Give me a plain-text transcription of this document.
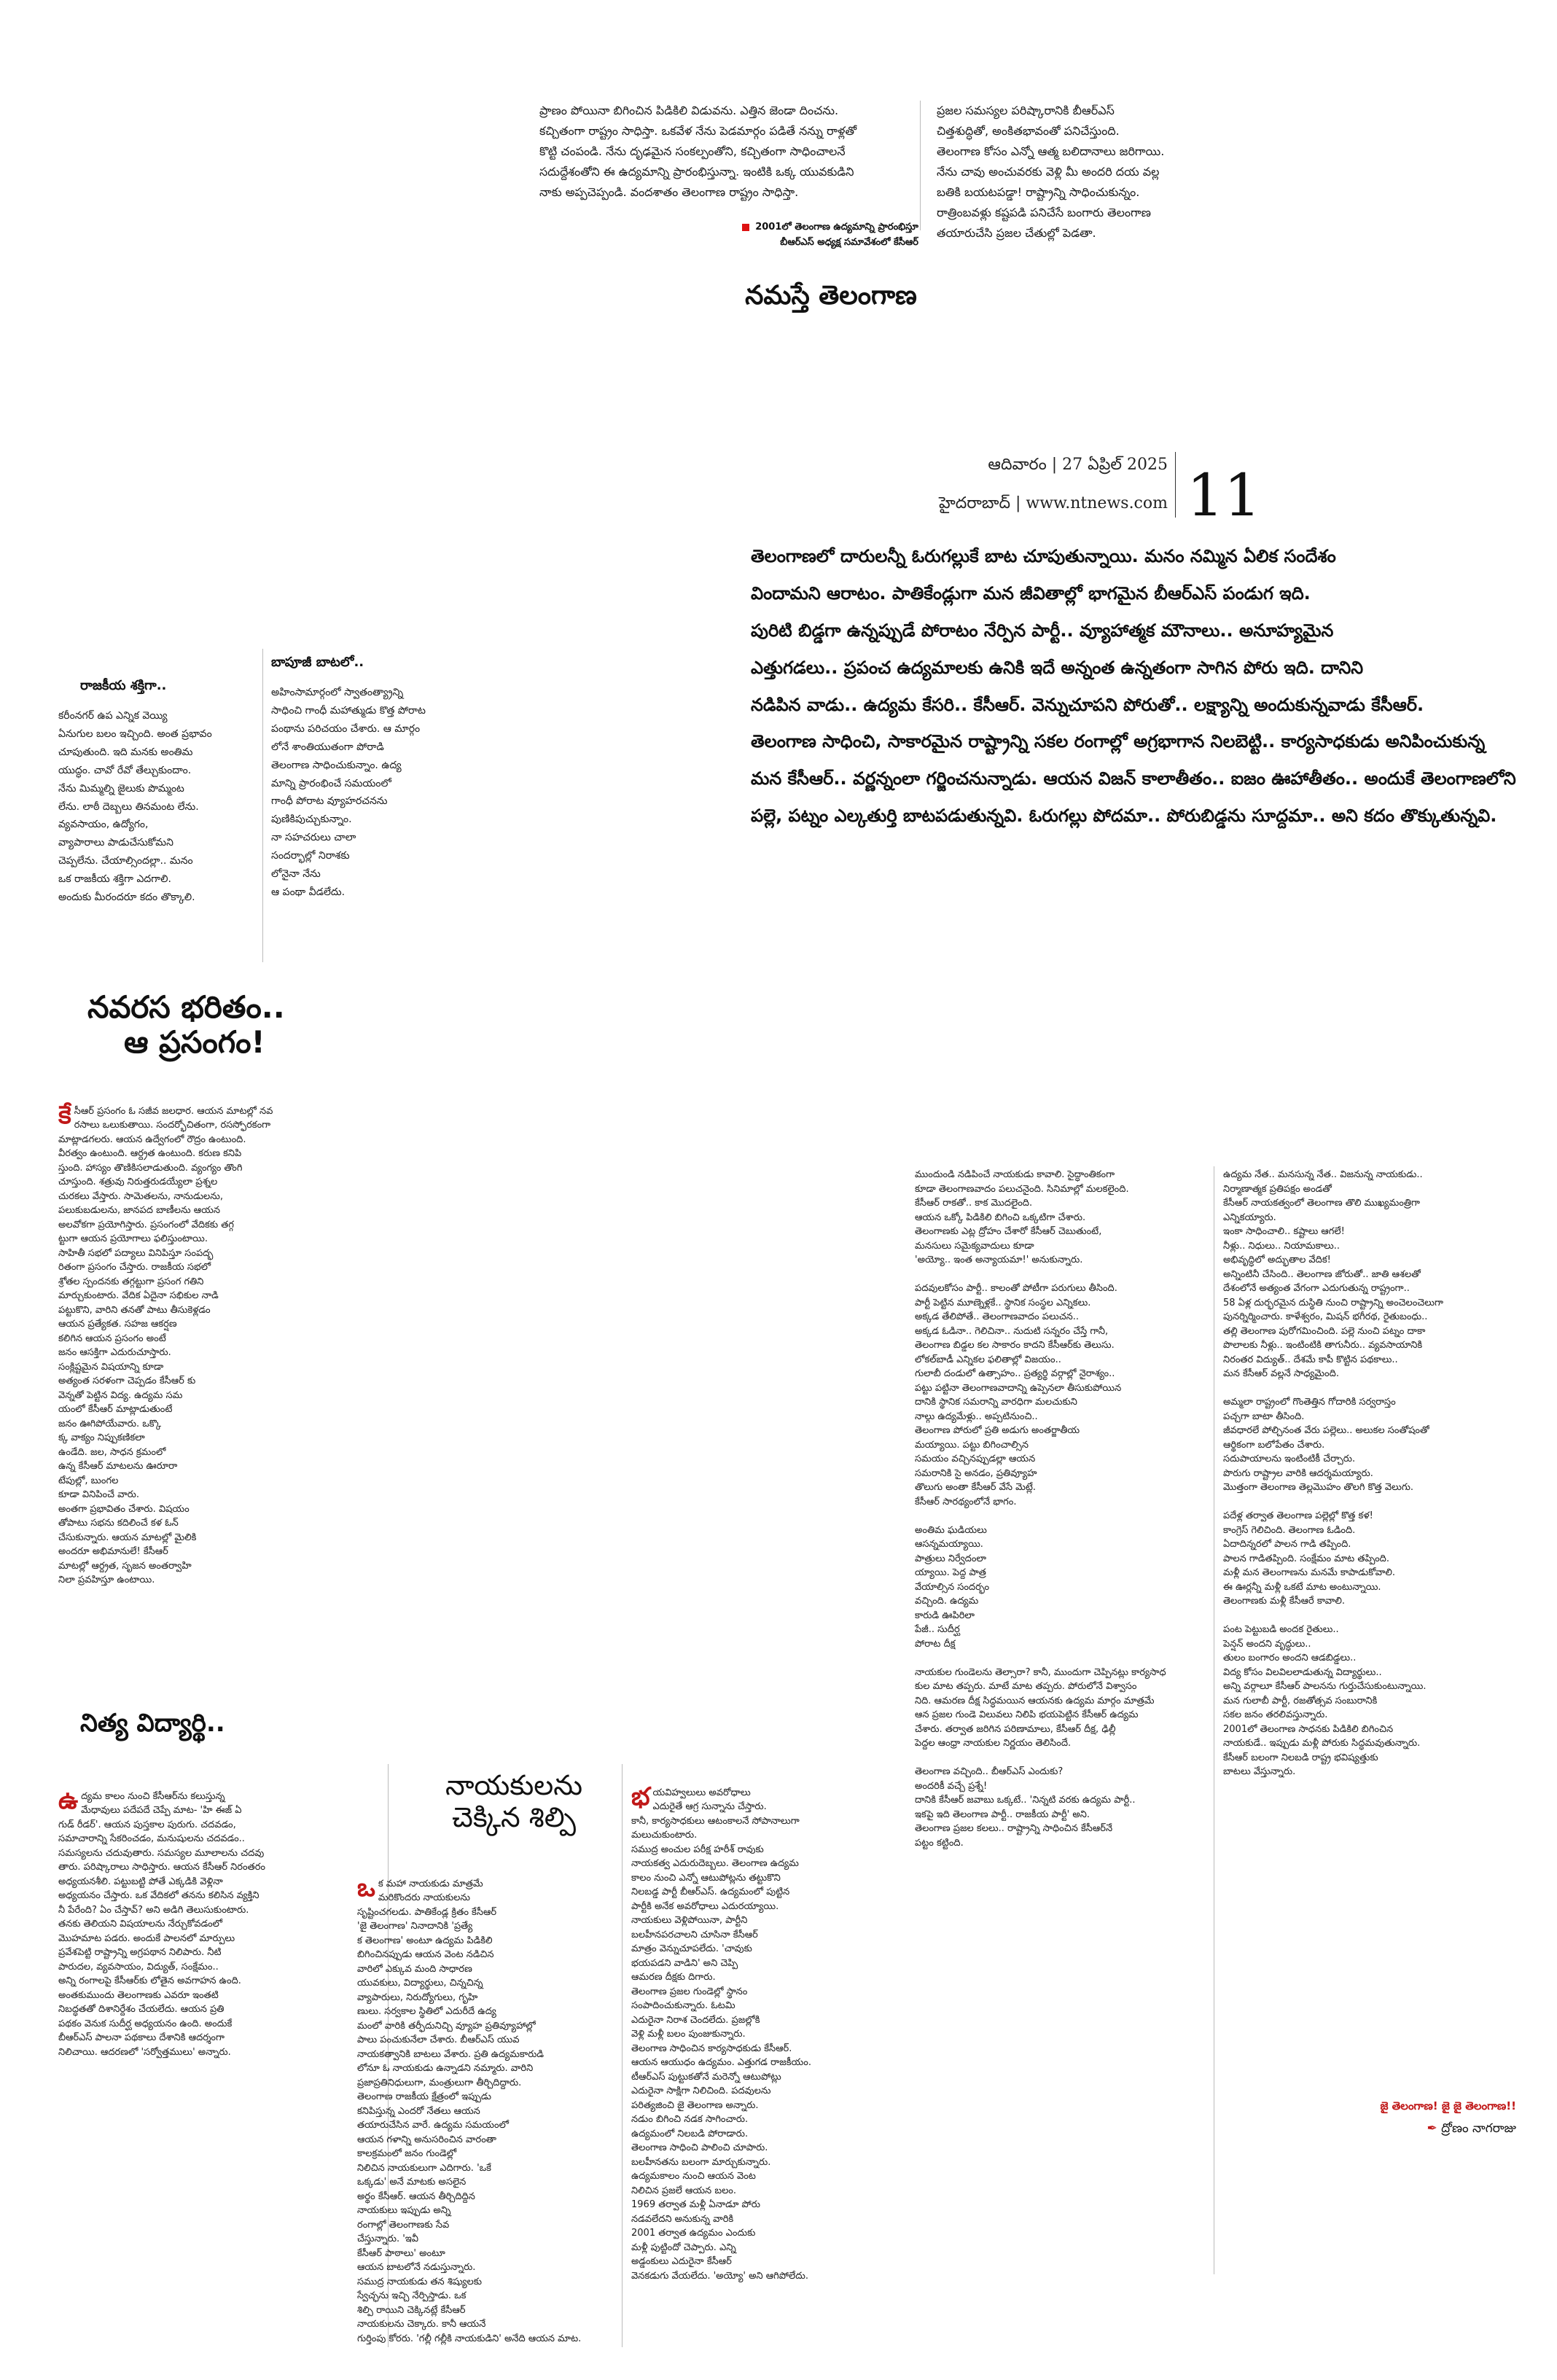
ప్రాణం పోయినా బిగించిన పిడికిలి విడువను. ఎత్తిన జెండా దించను.
కచ్చితంగా రాష్ట్రం సాధిస్తా. ఒకవేళ నేను పెడమార్గం పడితే నన్ను రాళ్లతో
కొట్టి చంపండి. నేను దృఢమైన సంకల్పంతోని, కచ్చితంగా సాధించాలనే
సదుద్దేశంతోని ఈ ఉద్యమాన్ని ప్రారంభిస్తున్నా. ఇంటికి ఒక్క యువకుడిని
నాకు అప్పచెప్పండి. వందశాతం తెలంగాణ రాష్ట్రం సాధిస్తా.
ప్రజల సమస్యల పరిష్కారానికి బీఆర్‌ఎస్
చిత్తశుద్ధితో, అంకితభావంతో పనిచేస్తుంది.
తెలంగాణ కోసం ఎన్నో ఆత్మ బలిదానాలు జరిగాయి.
నేను చావు అంచువరకు వెళ్లి మీ అందరి దయ వల్ల
బతికి బయటపడ్డా! రాష్ట్రాన్ని సాధించుకున్నం.
రాత్రింబవళ్లు కష్టపడి పనిచేసే బంగారు తెలంగాణ
తయారుచేసి ప్రజల చేతుల్లో పెడతా.
2001లో తెలంగాణ ఉద్యమాన్ని ప్రారంభిస్తూ
బీఆర్‌ఎస్ అధ్యక్ష సమావేశంలో కేసీఆర్
నమస్తే తెలంగాణ
ఆదివారం | 27 ఏప్రిల్ 2025
హైదరాబాద్ | www.ntnews.com 11
తెలంగాణలో దారులన్నీ ఓరుగల్లుకే బాట చూపుతున్నాయి. మనం నమ్మిన ఏలిక సందేశం
విందామని ఆరాటం. పాతికేండ్లుగా మన జీవితాల్లో భాగమైన బీఆర్‌ఎస్ పండుగ ఇది.
పురిటి బిడ్డగా ఉన్నప్పుడే పోరాటం నేర్పిన పార్టీ.. వ్యూహాత్మక మౌనాలు.. అనూహ్యమైన
ఎత్తుగడలు.. ప్రపంచ ఉద్యమాలకు ఉనికి ఇదే అన్నంత ఉన్నతంగా సాగిన పోరు ఇది. దానిని
నడిపిన వాడు.. ఉద్యమ కేసరి.. కేసీఆర్. వెన్నుచూపని పోరుతో.. లక్ష్యాన్ని అందుకున్నవాడు కేసీఆర్.
తెలంగాణ సాధించి, సాకారమైన రాష్ట్రాన్ని సకల రంగాల్లో అగ్రభాగాన నిలబెట్టి.. కార్యసాధకుడు అనిపించుకున్న
మన కేసీఆర్.. వర్ణన్నంలా గర్జించనున్నాడు. ఆయన విజన్ కాలాతీతం.. ఐజం ఊహాతీతం.. అందుకే తెలంగాణలోని
పల్లె, పట్నం ఎల్కతుర్తి బాటపడుతున్నవి. ఓరుగల్లు పోదమా.. పోరుబిడ్డను సూద్దమా.. అని కదం తొక్కుతున్నవి.
రాజకీయ శక్తిగా..
కరీంనగర్ ఉప ఎన్నిక వెయ్యి
ఏనుగుల బలం ఇచ్చింది. అంత ప్రభావం
చూపుతుంది. ఇది మనకు అంతిమ
యుద్ధం. చావో రేవో తేల్చుకుందాం.
నేను మిమ్మల్ని జైలుకు పొమ్మంట
లేను. లాఠీ దెబ్బలు తినమంట లేను.
వ్యవసాయం, ఉద్యోగం,
వ్యాపారాలు పాడుచేసుకోమని
చెప్పలేను. చేయాల్సిందల్లా.. మనం
ఒక రాజకీయ శక్తిగా ఎదగాలి.
అందుకు మీరందరూ కదం తొక్కాలి.
బాపూజీ బాటలో..
అహింసామార్గంలో స్వాతంత్య్రాన్ని
సాధించి గాంధీ మహాత్ముడు కొత్త పోరాట
పంథాను పరిచయం చేశారు. ఆ మార్గం
లోనే శాంతియుతంగా పోరాడి
తెలంగాణ సాధించుకున్నాం. ఉద్య
మాన్ని ప్రారంభించే సమయంలో
గాంధీ పోరాట వ్యూహరచనను
పుణికిపుచ్చుకున్నాం.
నా సహచరులు చాలా
సందర్భాల్లో నిరాశకు
లోనైనా నేను
ఆ పంథా వీడలేదు.
నవరస భరితం..
ఆ ప్రసంగం!

కేసీఆర్ ప్రసంగం ఓ సజీవ జలధార. ఆయన మాటల్లో నవ
రసాలు ఒలుకుతాయి. సందర్భోచితంగా, రసస్ఫోరకంగా
మాట్లాడగలరు. ఆయన ఉద్వేగంలో రౌద్రం ఉంటుంది.
వీరత్వం ఉంటుంది. ఆర్ద్రత ఉంటుంది. కరుణ కనిపి
స్తుంది. హాస్యం తొణికిసలాడుతుంది. వ్యంగ్యం తొంగి
చూస్తుంది. శత్రువు నిరుత్తరుడయ్యేలా ప్రశ్నల
చురకలు వేస్తారు. సామెతలను, నానుడులను,
పలుకుబడులను, జానపద బాణీలను ఆయన
అలవోకగా ప్రయోగిస్తారు. ప్రసంగంలో వేదికకు తగ్గ
ట్టుగా ఆయన ప్రయోగాలు ఫలిస్తుంటాయి.
సాహితీ సభలో పద్యాలు వినిపిస్తూ సంపద్భ
రితంగా ప్రసంగం చేస్తారు. రాజకీయ సభలో
శ్రోతల స్పందనకు తగ్గట్టుగా ప్రసంగ గతిని
మార్చుకుంటారు. వేదిక ఏదైనా సభికుల నాడి
పట్టుకొని, వారిని తనతో పాటు తీసుకెళ్లడం
ఆయన ప్రత్యేకత. సహజ ఆకర్షణ
కలిగిన ఆయన ప్రసంగం అంటే
జనం ఆసక్తిగా ఎదురుచూస్తారు.
సంక్లిష్టమైన విషయాన్ని కూడా
అత్యంత సరళంగా చెప్పడం కేసీఆర్ కు
వెన్నతో పెట్టిన విద్య. ఉద్యమ సమ
యంలో కేసీఆర్ మాట్లాడుతుంటే
జనం ఊగిపోయేవారు. ఒక్కొ
క్క వాక్యం నిప్పుకణికలా
ఉండేది. జల, సాధన క్రమంలో
ఉన్న కేసీఆర్ మాటలను ఊరూరా
టేపుల్లో, బుంగల
కూడా వినిపించే వారు.
అంతగా ప్రభావితం చేశారు. విషయం
తోపాటు సభను కదిలించే కళ ఓన్
చేసుకున్నారు. ఆయన మాటల్లో మైలికి
అందరూ అభిమానులే! కేసీఆర్
మాటల్లో ఆర్ద్రత, సృజన అంతర్వాహి
నిలా ప్రవహిస్తూ ఉంటాయి.

నిత్య విద్యార్థి..

ఉద్యమ కాలం నుంచి కేసీఆర్‌ను కలుస్తున్న
మేధావులు పదేపదే చెప్పే మాట- 'హి ఈజ్ ఏ
గుడ్ రీడర్'. ఆయన పుస్తకాల పురుగు. చదవడం,
సమాచారాన్ని సేకరించడం, మనుషులను చదవడం..
సమస్యలను చదువుతారు. సమస్యల మూలాలను చదవు
తారు. పరిష్కారాలు సాధిస్తారు. ఆయన కేసీఆర్ నిరంతరం
అధ్యయనశీలి. పట్టుబట్టి పోతే ఎక్కడికి వెళ్లినా
అధ్యయనం చేస్తారు. ఒక వేదికలో తనను కలిసిన వ్యక్తిని
నీ పేరేంది? ఏం చేస్తావ్? అని అడిగి తెలుసుకుంటారు.
తనకు తెలియని విషయాలను నేర్చుకోవడంలో
మొహమాట పడరు. అందుకే పాలనలో మార్పులు
ప్రవేశపెట్టి రాష్ట్రాన్ని అగ్రపథాన నిలిపారు. నీటి
పారుదల, వ్యవసాయం, విద్యుత్, సంక్షేమం..
అన్ని రంగాలపై కేసీఆర్‌కు లోతైన అవగాహన ఉంది.
అంతకుముందు తెలంగాణకు ఎవరూ ఇంతటి
నిబద్ధతతో దిశానిర్దేశం చేయలేదు. ఆయన ప్రతి
పథకం వెనుక సుదీర్ఘ అధ్యయనం ఉంది. అందుకే
బీఆర్‌ఎస్ పాలనా పథకాలు దేశానికి ఆదర్శంగా
నిలిచాయి. ఆదరణలో 'సర్వోత్తములు' అన్నారు.

నాయకులను
చెక్కిన శిల్పి

ఒక మహా నాయకుడు మాత్రమే
మరికొందరు నాయకులను
సృష్టించగలడు. పాతికేండ్ల క్రితం కేసీఆర్
'జై తెలంగాణ' నినాదానికి 'ప్రత్యే
క తెలంగాణ' అంటూ ఉద్యమ పిడికిలి
బిగించినప్పుడు ఆయన వెంట నడిచిన
వారిలో ఎక్కువ మంది సాధారణ
యువకులు, విద్యార్థులు, చిన్నచిన్న
వ్యాపారులు, నిరుద్యోగులు, గృహి
ణులు. సర్వకాల స్థితిలో ఎదురీదే ఉద్య
మంలో వారికి తర్ఫీదునిచ్చి వ్యూహ ప్రతివ్యూహాల్లో
పాలు పంచుకునేలా చేశారు. బీఆర్‌ఎస్ యువ
నాయకత్వానికి బాటలు వేశారు. ప్రతి ఉద్యమకారుడి
లోనూ ఓ నాయకుడు ఉన్నాడని నమ్మారు. వారిని
ప్రజాప్రతినిధులుగా, మంత్రులుగా తీర్చిదిద్దారు.
తెలంగాణ రాజకీయ క్షేత్రంలో ఇప్పుడు
కనిపిస్తున్న ఎందరో నేతలు ఆయన
తయారుచేసిన వారే. ఉద్యమ సమయంలో
ఆయన గళాన్ని అనుసరించిన వారంతా
కాలక్రమంలో జనం గుండెల్లో
నిలిచిన నాయకులుగా ఎదిగారు. 'ఒకే
ఒక్కడు' అనే మాటకు అసలైన
అర్థం కేసీఆర్. ఆయన తీర్చిదిద్దిన
నాయకులు ఇప్పుడు అన్ని
రంగాల్లో తెలంగాణకు సేవ
చేస్తున్నారు. 'ఇవీ
కేసీఆర్ పాఠాలు' అంటూ
ఆయన బాటలోనే నడుస్తున్నారు.
సముద్ర నాయకుడు తన శిష్యులకు
స్వేచ్ఛను ఇచ్చి నేర్పిస్తాడు. ఒక
శిల్పి రాయిని చెక్కినట్లే కేసీఆర్
నాయకులను చెక్కారు. కానీ ఆయనే
గుర్తింపు కోరరు. 'గల్లీ గల్లీకి నాయకుడిని' అనేది ఆయన మాట.

భయవిహ్వలులు అవరోధాలు
ఎదురైతే ఆగ్ర సున్నాను చేస్తారు.
కానీ, కార్యసాధకులు ఆటంకాలనే సోపానాలుగా
మలుచుకుంటారు.
సముద్ర అంచుల పరీక్ష హరీశ్ రావుకు
నాయకత్వ ఎదురుదెబ్బలు. తెలంగాణ ఉద్యమ
కాలం నుంచి ఎన్నో ఆటుపోట్లను తట్టుకొని
నిలబడ్డ పార్టీ బీఆర్‌ఎస్. ఉద్యమంలో పుట్టిన
పార్టీకి అనేక అవరోధాలు ఎదురయ్యాయి.
నాయకులు వెళ్లిపోయినా, పార్టీని
బలహీనపరచాలని చూసినా కేసీఆర్
మాత్రం వెన్నుచూపలేదు. 'చావుకు
భయపడని వాడిని' అని చెప్పి
ఆమరణ దీక్షకు దిగారు.
తెలంగాణ ప్రజల గుండెల్లో స్థానం
సంపాదించుకున్నారు. ఓటమి
ఎదురైనా నిరాశ చెందలేదు. ప్రజల్లోకి
వెళ్లి మళ్లీ బలం పుంజుకున్నారు.
తెలంగాణ సాధించిన కార్యసాధకుడు కేసీఆర్.
ఆయన ఆయుధం ఉద్యమం. ఎత్తుగడ రాజకీయం.
టీఆర్‌ఎస్ పుట్టుకతోనే మరెన్నో ఆటుపోట్లు
ఎదురైనా సాక్షిగా నిలిచింది. పదవులను
పరిత్యజించి జై తెలంగాణ అన్నారు.
నడుం బిగించి నడక సాగించారు.
ఉద్యమంలో నిలబడి పోరాడారు.
తెలంగాణ సాధించి పాలించి చూపారు.
బలహీనతను బలంగా మార్చుకున్నారు.
ఉద్యమకాలం నుంచి ఆయన వెంట
నిలిచిన ప్రజలే ఆయన బలం.
1969 తర్వాత మళ్లీ ఏనాడూ పోరు
నడవలేదని అనుకున్న వారికి
2001 తర్వాత ఉద్యమం ఎందుకు
మళ్లీ పుట్టిందో చెప్పారు. ఎన్ని
అడ్డంకులు ఎదురైనా కేసీఆర్
వెనకడుగు వేయలేదు. 'అయ్యో' అని ఆగిపోలేదు.

ముందుండి నడిపించే నాయకుడు కావాలి. సైద్ధాంతికంగా
కూడా తెలంగాణవాదం పలుచనైంది. సినిమాల్లో మలకలైంది.
కేసీఆర్ రాకతో.. కాక మొదలైంది.
ఆయన ఒక్కో పిడికిలి బిగించి ఒక్కటిగా చేశారు.
తెలంగాణకు ఎట్ల ద్రోహం చేశారో కేసీఆర్ చెబుతుంటే,
మనసులు సమైక్యవాదులు కూడా
'అయ్యో.. ఇంత అన్యాయమా!' అనుకున్నారు.

పదవులకోసం పార్టీ.. కాలంతో పోటీగా పరుగులు తీసింది.
పార్టీ పెట్టిన మూణ్నెళ్లకే.. స్థానిక సంస్థల ఎన్నికలు.
అక్కడ తేలిపోతే.. తెలంగాణవాదం పలుచన..
అక్కడ ఓడినా.. గెలిచినా.. నుదుటి సన్నరం చేస్తే గానీ,
తెలంగాణ బిడ్డల కల సాకారం కాదని కేసీఆర్‌కు తెలుసు.
లోకల్‌బాడీ ఎన్నికల ఫలితాల్లో విజయం..
గులాబీ దండులో ఉత్సాహం.. ప్రత్యర్థి వర్గాల్లో నైరాశ్యం..
పట్టు పట్టినా తెలంగాణవాదాన్ని ఉప్పెనలా తీసుకుపోయిన
దానికి స్థానిక సమరాన్ని వారధిగా మలచుకుని
నాల్గు ఉద్యమేళ్లు.. అప్పటినుంచి..
తెలంగాణ పోరులో ప్రతి అడుగు అంతర్జాతీయ
మయ్యాయి. పట్టు బిగించాల్సిన
సమయం వచ్చినప్పుడల్లా ఆయన
సమరానికి సై అనడం, ప్రతివ్యూహ
తొలుగు అంతా కేసీఆర్ వేసే మెట్లే.
కేసీఆర్ సారథ్యంలోనే భాగం.

అంతిమ ఘడియలు
ఆసన్నమయ్యాయి.
పాత్రులు నిర్వేదంలా
య్యాయి. పెద్ద పాత్ర
వేయాల్సిన సందర్భం
వచ్చింది. ఉద్యమ
కారుడి ఊపిరిలా
పేజీ.. సుదీర్ఘ
పోరాట దీక్ష

నాయకుల గుండెలను తెల్సారా? కానీ, ముందుగా చెప్పినట్లు కార్యసాధ
కుల మాట తప్పరు. మాటే మాట తప్పరు. పోరులోనే విశ్వాసం
నిది. ఆమరణ దీక్ష సిద్ధమయిన ఆయనకు ఉద్యమ మార్గం మాత్రమే
ఆన ప్రజల గుండె విలువలు నిలిపి భయపెట్టిన కేసీఆర్ ఉద్యమ
చేశారు. తర్వాత జరిగిన పరిణామాలు, కేసీఆర్ దీక్ష, ఢిల్లీ
పెద్దల ఆంధ్రా నాయకుల నిర్ణయం తెలిసిందే.

తెలంగాణ వచ్చింది.. బీఆర్‌ఎస్ ఎందుకు?
అందరికీ వచ్చే ప్రశ్నే!
దానికి కేసీఆర్ జవాబు ఒక్కటే.. 'నిన్నటి వరకు ఉద్యమ పార్టీ..
ఇకపై ఇది తెలంగాణ పార్టీ.. రాజకీయ పార్టీ' అని.
తెలంగాణ ప్రజల కలలు.. రాష్ట్రాన్ని సాధించిన కేసీఆర్‌నే
పట్టం కట్టింది.
ఉద్యమ నేత.. మనసున్న నేత.. విజనున్న నాయకుడు..
నిర్మాణాత్మక ప్రతిపక్షం అండతో
కేసీఆర్ నాయకత్వంలో తెలంగాణ తొలి ముఖ్యమంత్రిగా
ఎన్నికయ్యారు.
ఇంకా సాధించాలి.. కష్టాలు ఆగలే!
నీళ్లు.. నిధులు.. నియామకాలు..
అభివృద్ధిలో అద్భుతాల వేదిక!
అన్నింటినీ చేసింది.. తెలంగాణ జోరుతో.. జాతి ఆశలతో
దేశంలోనే అత్యంత వేగంగా ఎదుగుతున్న రాష్ట్రంగా..
58 ఏళ్ల దుర్భరమైన దుస్థితి నుంచి రాష్ట్రాన్ని అంచెలంచెలుగా
పునర్నిర్మించారు. కాళేశ్వరం, మిషన్ భగీరథ, రైతుబంధు..
తల్లి తెలంగాణ పురోగమించింది. పల్లె నుంచి పట్నం దాకా
పొలాలకు నీళ్లు.. ఇంటింటికి తాగునీరు.. వ్యవసాయానికి
నిరంతర విద్యుత్.. దేశమే కాపీ కొట్టిన పథకాలు..
మన కేసీఆర్ వల్లనే సాధ్యమైంది.

అమ్మలా రాష్ట్రంలో గొంతెత్తిన గోదారికి సర్వరాస్తం
పచ్చగా బాటా తీసింది.
జీవధారలే పోల్చినంత వేరు పల్లెలు.. అలుకల సంతోషంతో
ఆర్థికంగా బలోపేతం చేశారు.
సదుపాయాలను ఇంటింటికీ చేర్చారు.
పొరుగు రాష్ట్రాల వారికి ఆదర్శమయ్యారు.
మొత్తంగా తెలంగాణ తెల్లమొహం తొలగి కొత్త వెలుగు.

పదేళ్ల తర్వాత తెలంగాణ పల్లెల్లో కొత్త కళ!
కాంగ్రెస్ గెలిచింది. తెలంగాణ ఓడింది.
ఏదాదిన్నరలో పాలన గాడి తప్పింది.
పాలన గాడితప్పింది. సంక్షేమం మాట తప్పింది.
మళ్లీ మన తెలంగాణను మనమే కాపాడుకోవాలి.
ఈ ఊర్లన్నీ మళ్లీ ఒకటే మాట అంటున్నాయి.
తెలంగాణకు మళ్లీ కేసీఆరే కావాలి.

పంట పెట్టుబడి అందక రైతులు..
పెన్షన్ అందని వృద్ధులు..
తులం బంగారం అందని ఆడబిడ్డలు..
విద్య కోసం విలవిలలాడుతున్న విద్యార్థులు..
అన్ని వర్గాలూ కేసీఆర్ పాలనను గుర్తుచేసుకుంటున్నాయి.
మన గులాబీ పార్టీ, రజతోత్సవ సంబురానికి
సకల జనం తరలివస్తున్నారు.
2001లో తెలంగాణ సాధనకు పిడికిలి బిగించిన
నాయకుడే.. ఇప్పుడు మళ్లీ పోరుకు సిద్ధమవుతున్నారు.
కేసీఆర్ బలంగా నిలబడి రాష్ట్ర భవిష్యత్తుకు
బాటలు వేస్తున్నారు.
జై తెలంగాణ! జై జై తెలంగాణ!!
✒ ద్రోణం నాగరాజు
